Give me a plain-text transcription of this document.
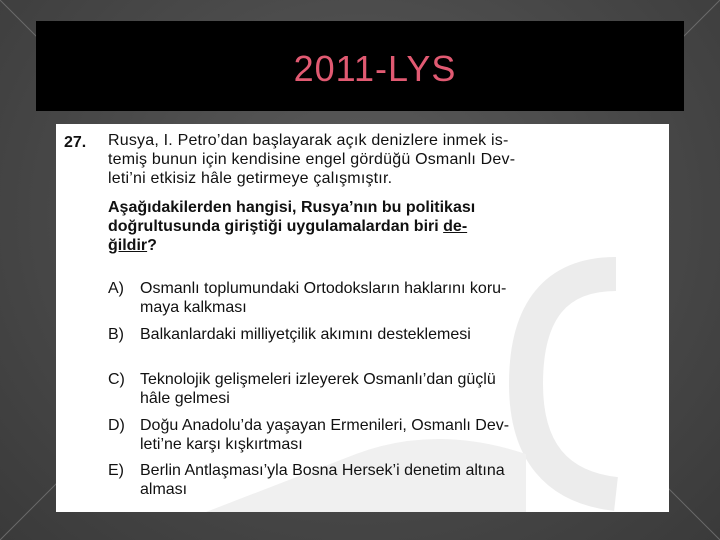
2011-LYS
27. Rusya, I. Petro’dan başlayarak açık denizlere inmek is-
temiş bunun için kendisine engel gördüğü Osmanlı Dev-
leti’ni etkisiz hâle getirmeye çalışmıştır.
Aşağıdakilerden hangisi, Rusya’nın bu politikası
doğrultusunda giriştiği uygulamalardan biri de-
ğildir?
A)	Osmanlı toplumundaki Ortodoksların haklarını koru-
maya kalkması
B)	Balkanlardaki milliyetçilik akımını desteklemesi
C) Teknolojik gelişmeleri izleyerek Osmanlı’dan güçlü
hâle gelmesi
D) Doğu Anadolu’da yaşayan Ermenileri, Osmanlı Dev-
leti’ne karşı kışkırtması
E)	Berlin Antlaşması’yla Bosna Hersek’i denetim altına
alması
